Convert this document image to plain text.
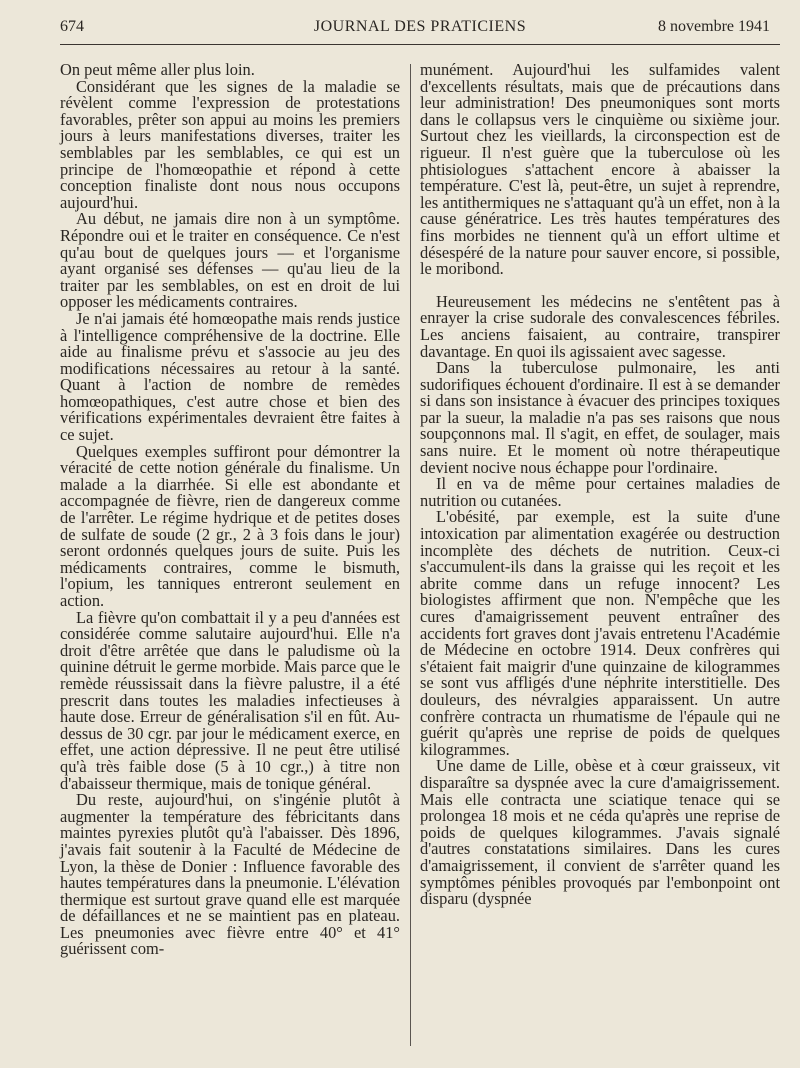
674	JOURNAL DES PRATICIENS	8 novembre 1941

On peut même aller plus loin.

Considérant que les signes de la maladie se révèlent comme l'expression de protestations favorables, prêter son appui au moins les premiers jours à leurs manifestations diverses, traiter les semblables par les semblables, ce qui est un principe de l'homœopathie et répond à cette conception finaliste dont nous nous occupons aujourd'hui.

Au début, ne jamais dire non à un symptôme. Répondre oui et le traiter en conséquence. Ce n'est qu'au bout de quelques jours — et l'organisme ayant organisé ses défenses — qu'au lieu de la traiter par les semblables, on est en droit de lui opposer les médicaments contraires.

Je n'ai jamais été homœopathe mais rends justice à l'intelligence compréhensive de la doctrine. Elle aide au finalisme prévu et s'associe au jeu des modifications nécessaires au retour à la santé. Quant à l'action de nombre de remèdes homœopathiques, c'est autre chose et bien des vérifications expérimentales devraient être faites à ce sujet.

Quelques exemples suffiront pour démontrer la véracité de cette notion générale du finalisme. Un malade a la diarrhée. Si elle est abondante et accompagnée de fièvre, rien de dangereux comme de l'arrêter. Le régime hydrique et de petites doses de sulfate de soude (2 gr., 2 à 3 fois dans le jour) seront ordonnés quelques jours de suite. Puis les médicaments contraires, comme le bismuth, l'opium, les tanniques entreront seulement en action.

La fièvre qu'on combattait il y a peu d'années est considérée comme salutaire aujourd'hui. Elle n'a droit d'être arrêtée que dans le paludisme où la quinine détruit le germe morbide. Mais parce que le remède réussissait dans la fièvre palustre, il a été prescrit dans toutes les maladies infectieuses à haute dose. Erreur de généralisation s'il en fût. Au-dessus de 30 cgr. par jour le médicament exerce, en effet, une action dépressive. Il ne peut être utilisé qu'à très faible dose (5 à 10 cgr.,) à titre non d'abaisseur thermique, mais de tonique général.

Du reste, aujourd'hui, on s'ingénie plutôt à augmenter la température des fébricitants dans maintes pyrexies plutôt qu'à l'abaisser. Dès 1896, j'avais fait soutenir à la Faculté de Médecine de Lyon, la thèse de Donier : Influence favorable des hautes températures dans la pneumonie. L'élévation thermique est surtout grave quand elle est marquée de défaillances et ne se maintient pas en plateau. Les pneumonies avec fièvre entre 40° et 41° guérissent com-

munément. Aujourd'hui les sulfamides valent d'excellents résultats, mais que de précautions dans leur administration! Des pneumoniques sont morts dans le collapsus vers le cinquième ou sixième jour. Surtout chez les vieillards, la circonspection est de rigueur. Il n'est guère que la tuberculose où les phtisiologues s'attachent encore à abaisser la température. C'est là, peut-être, un sujet à reprendre, les antithermiques ne s'attaquant qu'à un effet, non à la cause génératrice. Les très hautes températures des fins morbides ne tiennent qu'à un effort ultime et désespéré de la nature pour sauver encore, si possible, le moribond.

Heureusement les médecins ne s'entêtent pas à enrayer la crise sudorale des convalescences fébriles. Les anciens faisaient, au contraire, transpirer davantage. En quoi ils agissaient avec sagesse.

Dans la tuberculose pulmonaire, les anti sudorifiques échouent d'ordinaire. Il est à se demander si dans son insistance à évacuer des principes toxiques par la sueur, la maladie n'a pas ses raisons que nous soupçonnons mal. Il s'agit, en effet, de soulager, mais sans nuire. Et le moment où notre thérapeutique devient nocive nous échappe pour l'ordinaire.

Il en va de même pour certaines maladies de nutrition ou cutanées.

L'obésité, par exemple, est la suite d'une intoxication par alimentation exagérée ou destruction incomplète des déchets de nutrition. Ceux-ci s'accumulent-ils dans la graisse qui les reçoit et les abrite comme dans un refuge innocent? Les biologistes affirment que non. N'empêche que les cures d'amaigrissement peuvent entraîner des accidents fort graves dont j'avais entretenu l'Académie de Médecine en octobre 1914. Deux confrères qui s'étaient fait maigrir d'une quinzaine de kilogrammes se sont vus affligés d'une néphrite interstitielle. Des douleurs, des névralgies apparaissent. Un autre confrère contracta un rhumatisme de l'épaule qui ne guérit qu'après une reprise de poids de quelques kilogrammes.

Une dame de Lille, obèse et à cœur graisseux, vit disparaître sa dyspnée avec la cure d'amaigrissement. Mais elle contracta une sciatique tenace qui se prolongea 18 mois et ne céda qu'après une reprise de poids de quelques kilogrammes. J'avais signalé d'autres constatations similaires. Dans les cures d'amaigrissement, il convient de s'arrêter quand les symptômes pénibles provoqués par l'embonpoint ont disparu (dyspnée
